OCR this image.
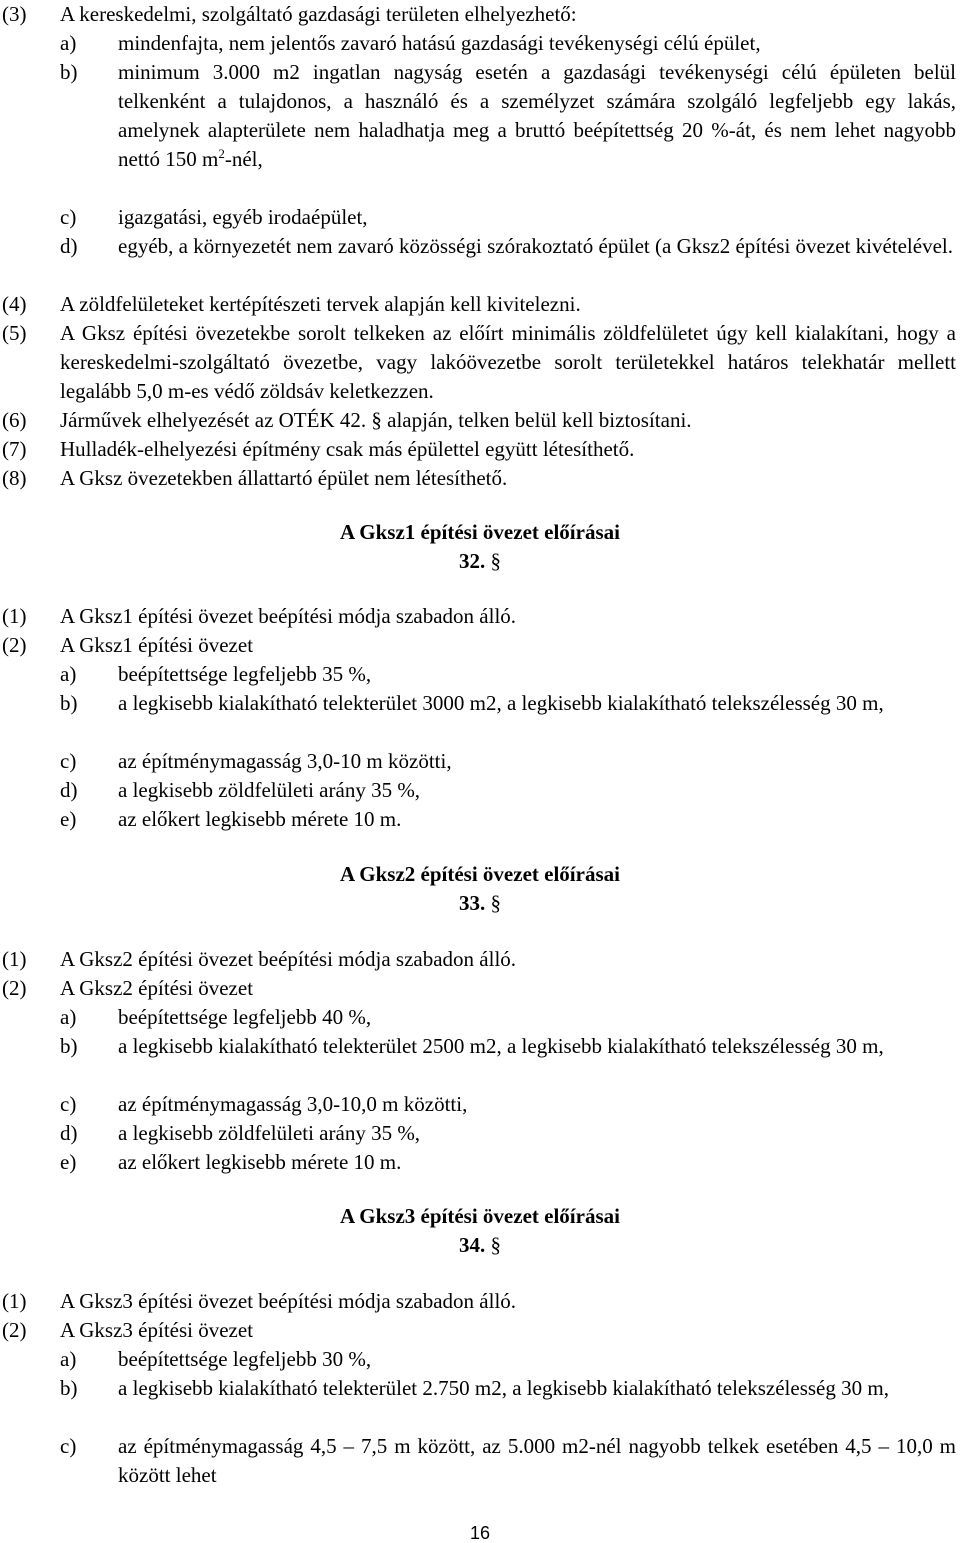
(3) A kereskedelmi, szolgáltató gazdasági területen elhelyezhető:
a) mindenfajta, nem jelentős zavaró hatású gazdasági tevékenységi célú épület,
b) minimum 3.000 m2 ingatlan nagyság esetén a gazdasági tevékenységi célú épületen belül telkenként a tulajdonos, a használó és a személyzet számára szolgáló legfeljebb egy lakás, amelynek alapterülete nem haladhatja meg a bruttó beépítettség 20 %-át, és nem lehet nagyobb nettó 150 $m^2$-nél,
c) igazgatási, egyéb irodaépület,
d) egyéb, a környezetét nem zavaró közösségi szórakoztató épület (a Gksz2 építési övezet kivételével.
(4) A zöldfelületeket kertépítészeti tervek alapján kell kivitelezni.
(5) A Gksz építési övezetekbe sorolt telkeken az előírt minimális zöldfelületet úgy kell kialakítani, hogy a kereskedelmi-szolgáltató övezetbe, vagy lakóövezetbe sorolt területekkel határos telekhatár mellett legalább 5,0 m-es védő zöldsáv keletkezzen.
(6) Járművek elhelyezését az OTÉK 42. § alapján, telken belül kell biztosítani.
(7) Hulladék-elhelyezési építmény csak más épülettel együtt létesíthető.
(8) A Gksz övezetekben állattartó épület nem létesíthető.
A Gksz1 építési övezet előírásai
32. §
(1) A Gksz1 építési övezet beépítési módja szabadon álló.
(2) A Gksz1 építési övezet
a) beépítettsége legfeljebb 35 %,
b) a legkisebb kialakítható telekterület 3000 m2, a legkisebb kialakítható telekszélesség 30 m,
c) az építménymagasság 3,0-10 m közötti,
d) a legkisebb zöldfelületi arány 35 %,
e) az előkert legkisebb mérete 10 m.
A Gksz2 építési övezet előírásai
33. §
(1) A Gksz2 építési övezet beépítési módja szabadon álló.
(2) A Gksz2 építési övezet
a) beépítettsége legfeljebb 40 %,
b) a legkisebb kialakítható telekterület 2500 m2, a legkisebb kialakítható telekszélesség 30 m,
c) az építménymagasság 3,0-10,0 m közötti,
d) a legkisebb zöldfelületi arány 35 %,
e) az előkert legkisebb mérete 10 m.
A Gksz3 építési övezet előírásai
34. §
(1) A Gksz3 építési övezet beépítési módja szabadon álló.
(2) A Gksz3 építési övezet
a) beépítettsége legfeljebb 30 %,
b) a legkisebb kialakítható telekterület 2.750 m2, a legkisebb kialakítható telekszélesség 30 m,
c) az építménymagasság 4,5 – 7,5 m között, az 5.000 m2-nél nagyobb telkek esetében 4,5 – 10,0 m között lehet
16
